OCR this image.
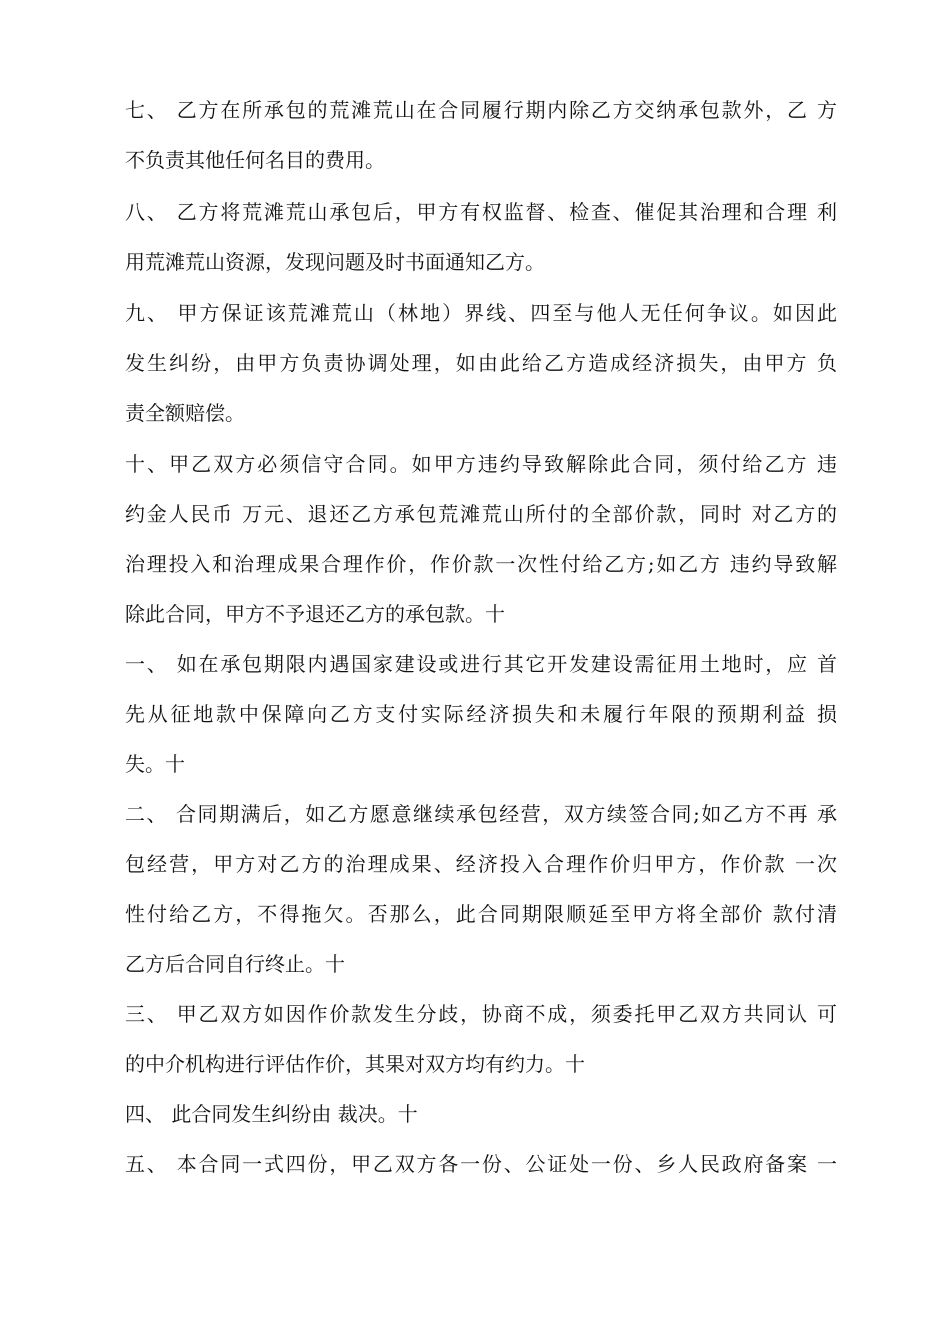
七、 乙方在所承包的荒滩荒山在合同履行期内除乙方交纳承包款外，乙 方
不负责其他任何名目的费用。
八、 乙方将荒滩荒山承包后，甲方有权监督、检查、催促其治理和合理 利
用荒滩荒山资源，发现问题及时书面通知乙方。
九、 甲方保证该荒滩荒山（林地）界线、四至与他人无任何争议。如因此
发生纠纷，由甲方负责协调处理，如由此给乙方造成经济损失，由甲方 负
责全额赔偿。
十、甲乙双方必须信守合同。如甲方违约导致解除此合同，须付给乙方 违
约金人民币 万元、退还乙方承包荒滩荒山所付的全部价款，同时 对乙方的
治理投入和治理成果合理作价，作价款一次性付给乙方;如乙方 违约导致解
除此合同，甲方不予退还乙方的承包款。十
一、 如在承包期限内遇国家建设或进行其它开发建设需征用土地时，应 首
先从征地款中保障向乙方支付实际经济损失和未履行年限的预期利益 损
失。十
二、 合同期满后，如乙方愿意继续承包经营，双方续签合同;如乙方不再 承
包经营，甲方对乙方的治理成果、经济投入合理作价归甲方，作价款 一次
性付给乙方，不得拖欠。否那么，此合同期限顺延至甲方将全部价 款付清
乙方后合同自行终止。十
三、 甲乙双方如因作价款发生分歧，协商不成，须委托甲乙双方共同认 可
的中介机构进行评估作价，其果对双方均有约力。十
四、 此合同发生纠纷由 裁决。十
五、 本合同一式四份，甲乙双方各一份、公证处一份、乡人民政府备案 一
